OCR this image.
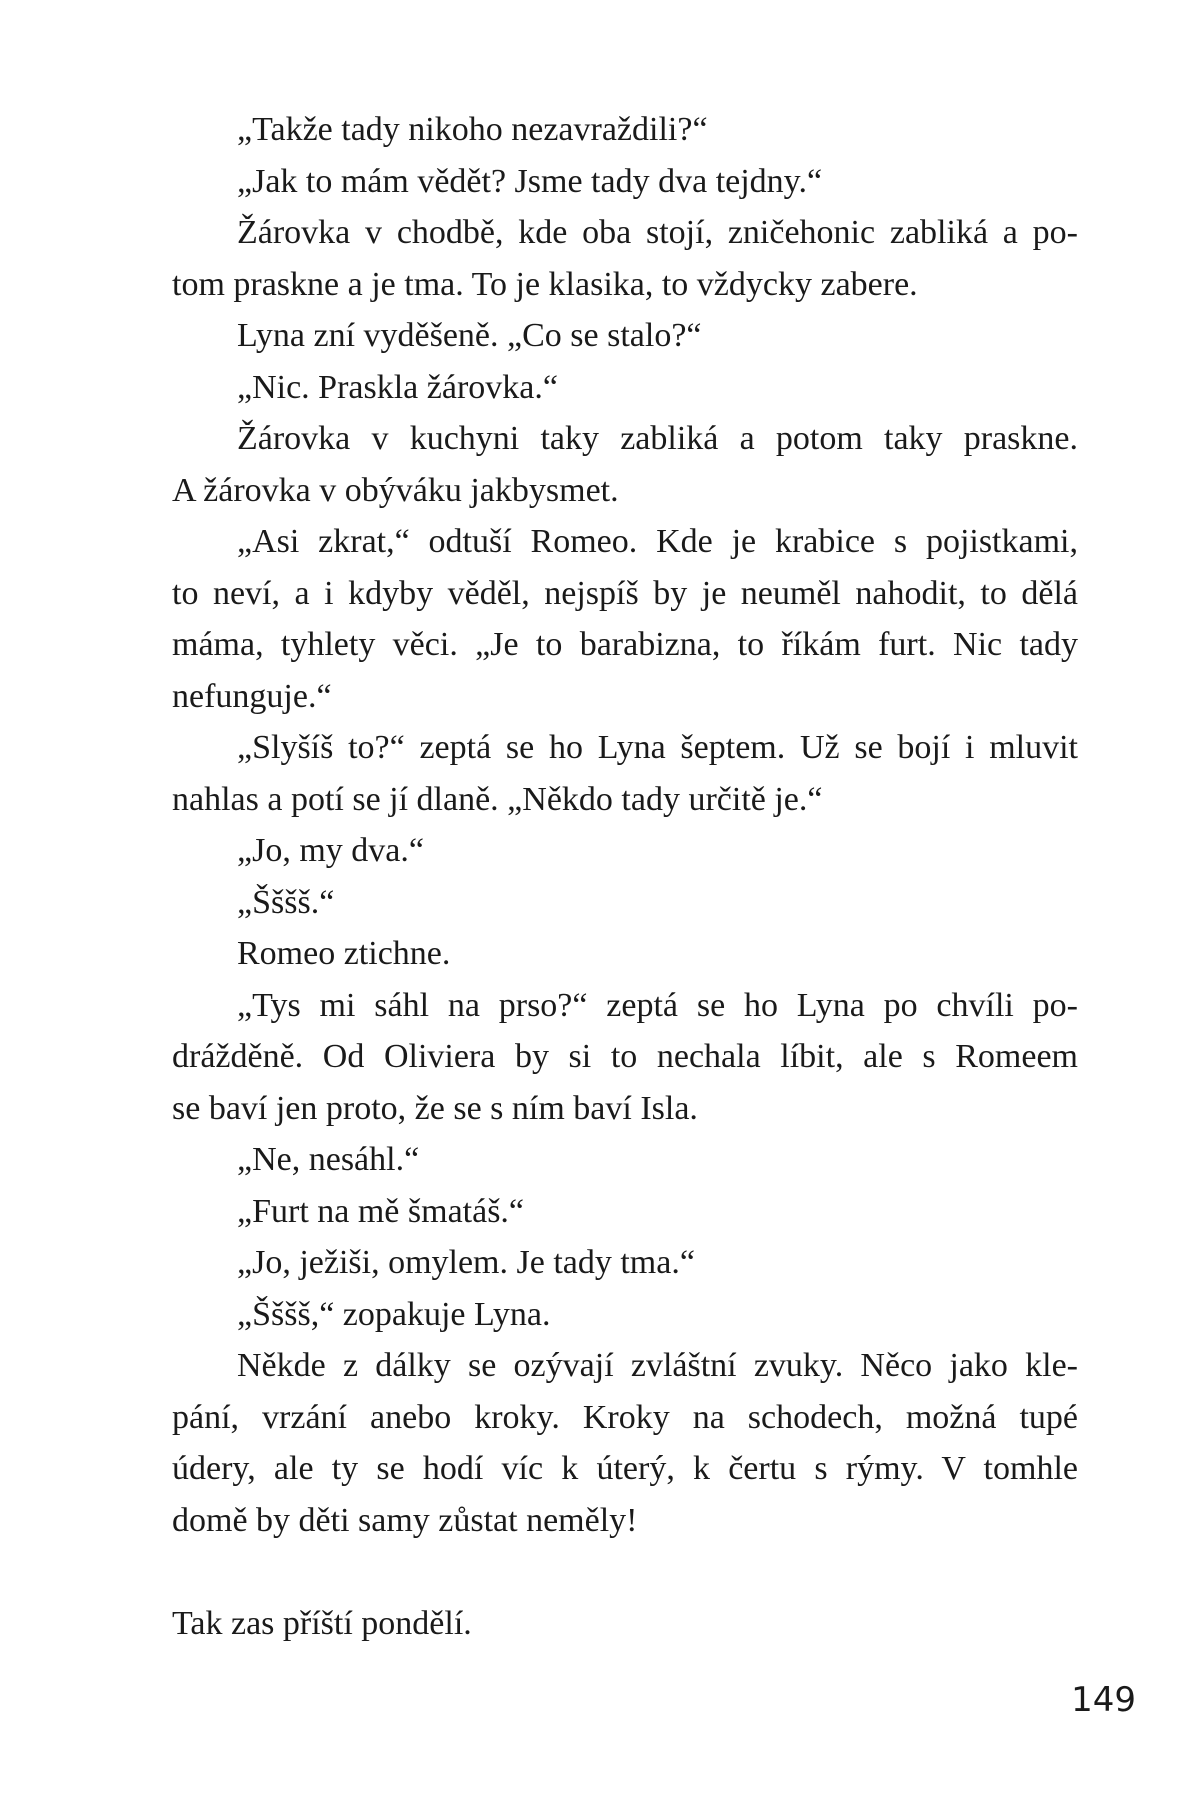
„Takže tady nikoho nezavraždili?“
„Jak to mám vědět? Jsme tady dva tejdny.“
Žárovka v chodbě, kde oba stojí, zničehonic zabliká a po-
tom praskne a je tma. To je klasika, to vždycky zabere.
Lyna zní vyděšeně. „Co se stalo?“
„Nic. Praskla žárovka.“
Žárovka v kuchyni taky zabliká a potom taky praskne.
A žárovka v obýváku jakbysmet.
„Asi zkrat,“ odtuší Romeo. Kde je krabice s pojistkami,
to neví, a i kdyby věděl, nejspíš by je neuměl nahodit, to dělá
máma, tyhlety věci. „Je to barabizna, to říkám furt. Nic tady
nefunguje.“
„Slyšíš to?“ zeptá se ho Lyna šeptem. Už se bojí i mluvit
nahlas a potí se jí dlaně. „Někdo tady určitě je.“
„Jo, my dva.“
„Šššš.“
Romeo ztichne.
„Tys mi sáhl na prso?“ zeptá se ho Lyna po chvíli po-
drážděně. Od Oliviera by si to nechala líbit, ale s Romeem
se baví jen proto, že se s ním baví Isla.
„Ne, nesáhl.“
„Furt na mě šmatáš.“
„Jo, ježiši, omylem. Je tady tma.“
„Šššš,“ zopakuje Lyna.
Někde z dálky se ozývají zvláštní zvuky. Něco jako kle-
pání, vrzání anebo kroky. Kroky na schodech, možná tupé
údery, ale ty se hodí víc k úterý, k čertu s rýmy. V tomhle
domě by děti samy zůstat neměly!
Tak zas příští pondělí.
149
